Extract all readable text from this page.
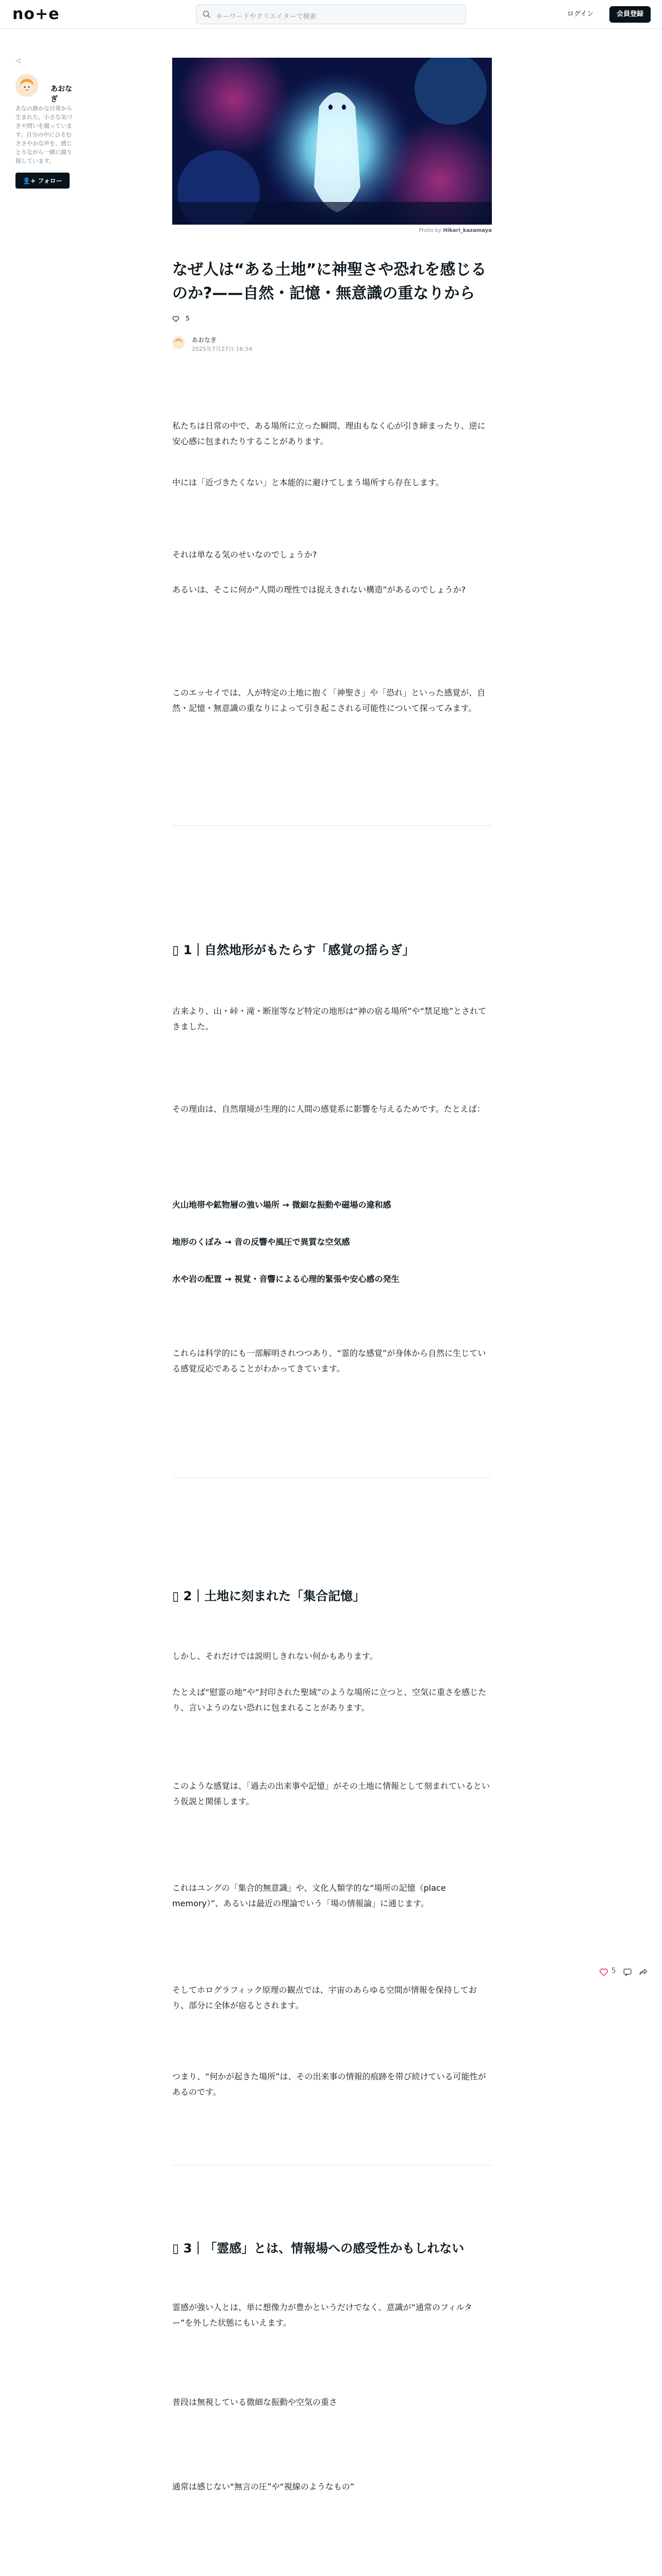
no+e	キーワードやクリエイターで検索	ログイン	会員登録
◁
あおなぎ
あなの静かな日常から生まれた、小さな気づきや問いを綴っています。自分の中にひそむささやかな声を、感じとりながら一緒に綴り探しています。
👤+ フォロー
Photo by Hikari_kazamaya
なぜ人は“ある土地”に神聖さや恐れを感じるのか?——自然・記憶・無意識の重なりから
5
あおなぎ
2025年7月27日 16:54

私たちは日常の中で、ある場所に立った瞬間、理由もなく心が引き締まったり、逆に安心感に包まれたりすることがあります。

中には「近づきたくない」と本能的に避けてしまう場所すら存在します。

それは単なる気のせいなのでしょうか?

あるいは、そこに何か“人間の理性では捉えきれない構造”があるのでしょうか?

このエッセイでは、人が特定の土地に抱く「神聖さ」や「恐れ」といった感覚が、自然・記憶・無意識の重なりによって引き起こされる可能性について探ってみます。

▯ 1｜自然地形がもたらす「感覚の揺らぎ」

古来より、山・峠・滝・断崖等など特定の地形は“神の宿る場所”や“禁足地”とされてきました。

その理由は、自然環境が生理的に人間の感覚系に影響を与えるためです。たとえば：

火山地帯や鉱物層の強い場所 → 微細な振動や磁場の違和感

地形のくぼみ → 音の反響や風圧で異質な空気感

水や岩の配置 → 視覚・音響による心理的緊張や安心感の発生

これらは科学的にも一部解明されつつあり、“霊的な感覚”が身体から自然に生じている感覚反応であることがわかってきています。

▯ 2｜土地に刻まれた「集合記憶」

しかし、それだけでは説明しきれない何かもあります。

たとえば“慰霊の地”や“封印された聖域”のような場所に立つと、空気に重さを感じたり、言いようのない恐れに包まれることがあります。

このような感覚は、「過去の出来事や記憶」がその土地に情報として刻まれているという仮説と関係します。

これはユングの「集合的無意識」や、文化人類学的な“場所の記憶（place memory）”、あるいは最近の理論でいう「場の情報論」に通じます。

そしてホログラフィック原理の観点では、宇宙のあらゆる空間が情報を保持しており、部分に全体が宿るとされます。

つまり、“何かが起きた場所”は、その出来事の情報的痕跡を帯び続けている可能性があるのです。

▯ 3｜「霊感」とは、情報場への感受性かもしれない

霊感が強い人とは、単に想像力が豊かというだけでなく、意識が“通常のフィルター”を外した状態にもいえます。

普段は無視している微細な振動や空気の重さ

通常は感じない“無言の圧”や“視線のようなもの”

5
